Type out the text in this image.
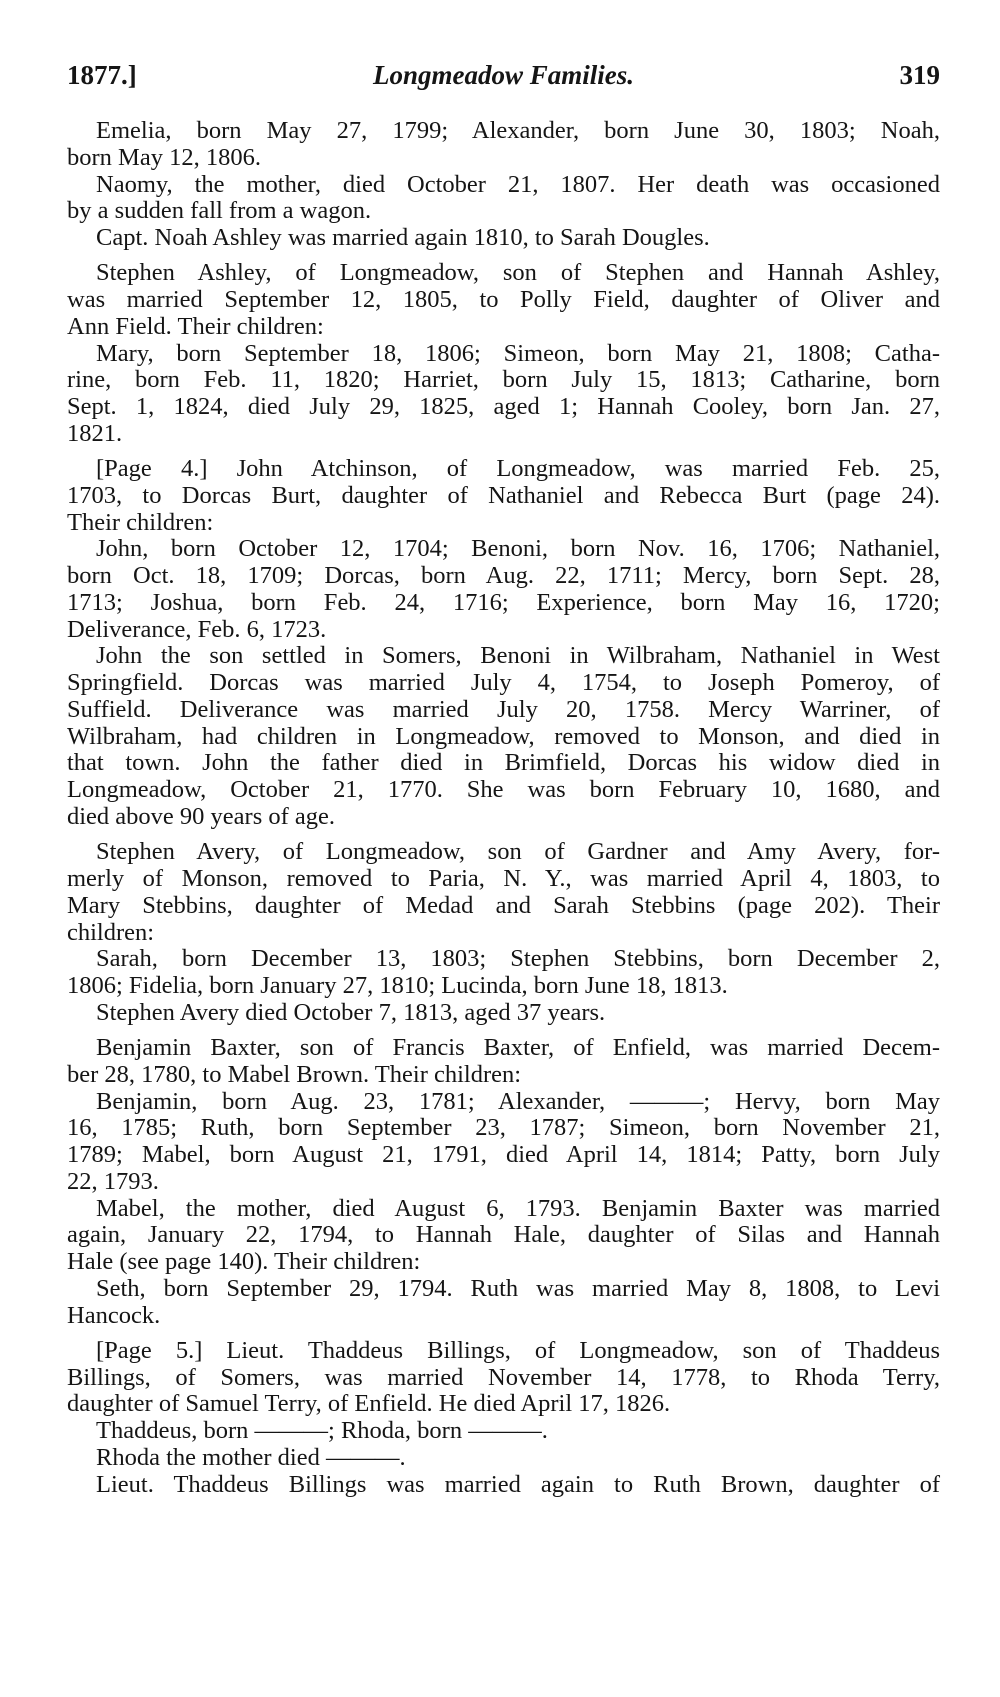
1877.]	Longmeadow Families.	319
Emelia, born May 27, 1799; Alexander, born June 30, 1803; Noah,
born May 12, 1806.
Naomy, the mother, died October 21, 1807. Her death was occasioned
by a sudden fall from a wagon.
Capt. Noah Ashley was married again 1810, to Sarah Dougles.
Stephen Ashley, of Longmeadow, son of Stephen and Hannah Ashley,
was married September 12, 1805, to Polly Field, daughter of Oliver and
Ann Field. Their children:
Mary, born September 18, 1806; Simeon, born May 21, 1808; Catha-
rine, born Feb. 11, 1820; Harriet, born July 15, 1813; Catharine, born
Sept. 1, 1824, died July 29, 1825, aged 1; Hannah Cooley, born Jan. 27,
1821.
[Page 4.] John Atchinson, of Longmeadow, was married Feb. 25,
1703, to Dorcas Burt, daughter of Nathaniel and Rebecca Burt (page 24).
Their children:
John, born October 12, 1704; Benoni, born Nov. 16, 1706; Nathaniel,
born Oct. 18, 1709; Dorcas, born Aug. 22, 1711; Mercy, born Sept. 28,
1713; Joshua, born Feb. 24, 1716; Experience, born May 16, 1720;
Deliverance, Feb. 6, 1723.
John the son settled in Somers, Benoni in Wilbraham, Nathaniel in West
Springfield. Dorcas was married July 4, 1754, to Joseph Pomeroy, of
Suffield. Deliverance was married July 20, 1758. Mercy Warriner, of
Wilbraham, had children in Longmeadow, removed to Monson, and died in
that town. John the father died in Brimfield, Dorcas his widow died in
Longmeadow, October 21, 1770. She was born February 10, 1680, and
died above 90 years of age.
Stephen Avery, of Longmeadow, son of Gardner and Amy Avery, for-
merly of Monson, removed to Paria, N. Y., was married April 4, 1803, to
Mary Stebbins, daughter of Medad and Sarah Stebbins (page 202). Their
children:
Sarah, born December 13, 1803; Stephen Stebbins, born December 2,
1806; Fidelia, born January 27, 1810; Lucinda, born June 18, 1813.
Stephen Avery died October 7, 1813, aged 37 years.
Benjamin Baxter, son of Francis Baxter, of Enfield, was married Decem-
ber 28, 1780, to Mabel Brown. Their children:
Benjamin, born Aug. 23, 1781; Alexander, ———; Hervy, born May
16, 1785; Ruth, born September 23, 1787; Simeon, born November 21,
1789; Mabel, born August 21, 1791, died April 14, 1814; Patty, born July
22, 1793.
Mabel, the mother, died August 6, 1793. Benjamin Baxter was married
again, January 22, 1794, to Hannah Hale, daughter of Silas and Hannah
Hale (see page 140). Their children:
Seth, born September 29, 1794. Ruth was married May 8, 1808, to Levi
Hancock.
[Page 5.] Lieut. Thaddeus Billings, of Longmeadow, son of Thaddeus
Billings, of Somers, was married November 14, 1778, to Rhoda Terry,
daughter of Samuel Terry, of Enfield. He died April 17, 1826.
Thaddeus, born ———; Rhoda, born ———.
Rhoda the mother died ———.
Lieut. Thaddeus Billings was married again to Ruth Brown, daughter of
